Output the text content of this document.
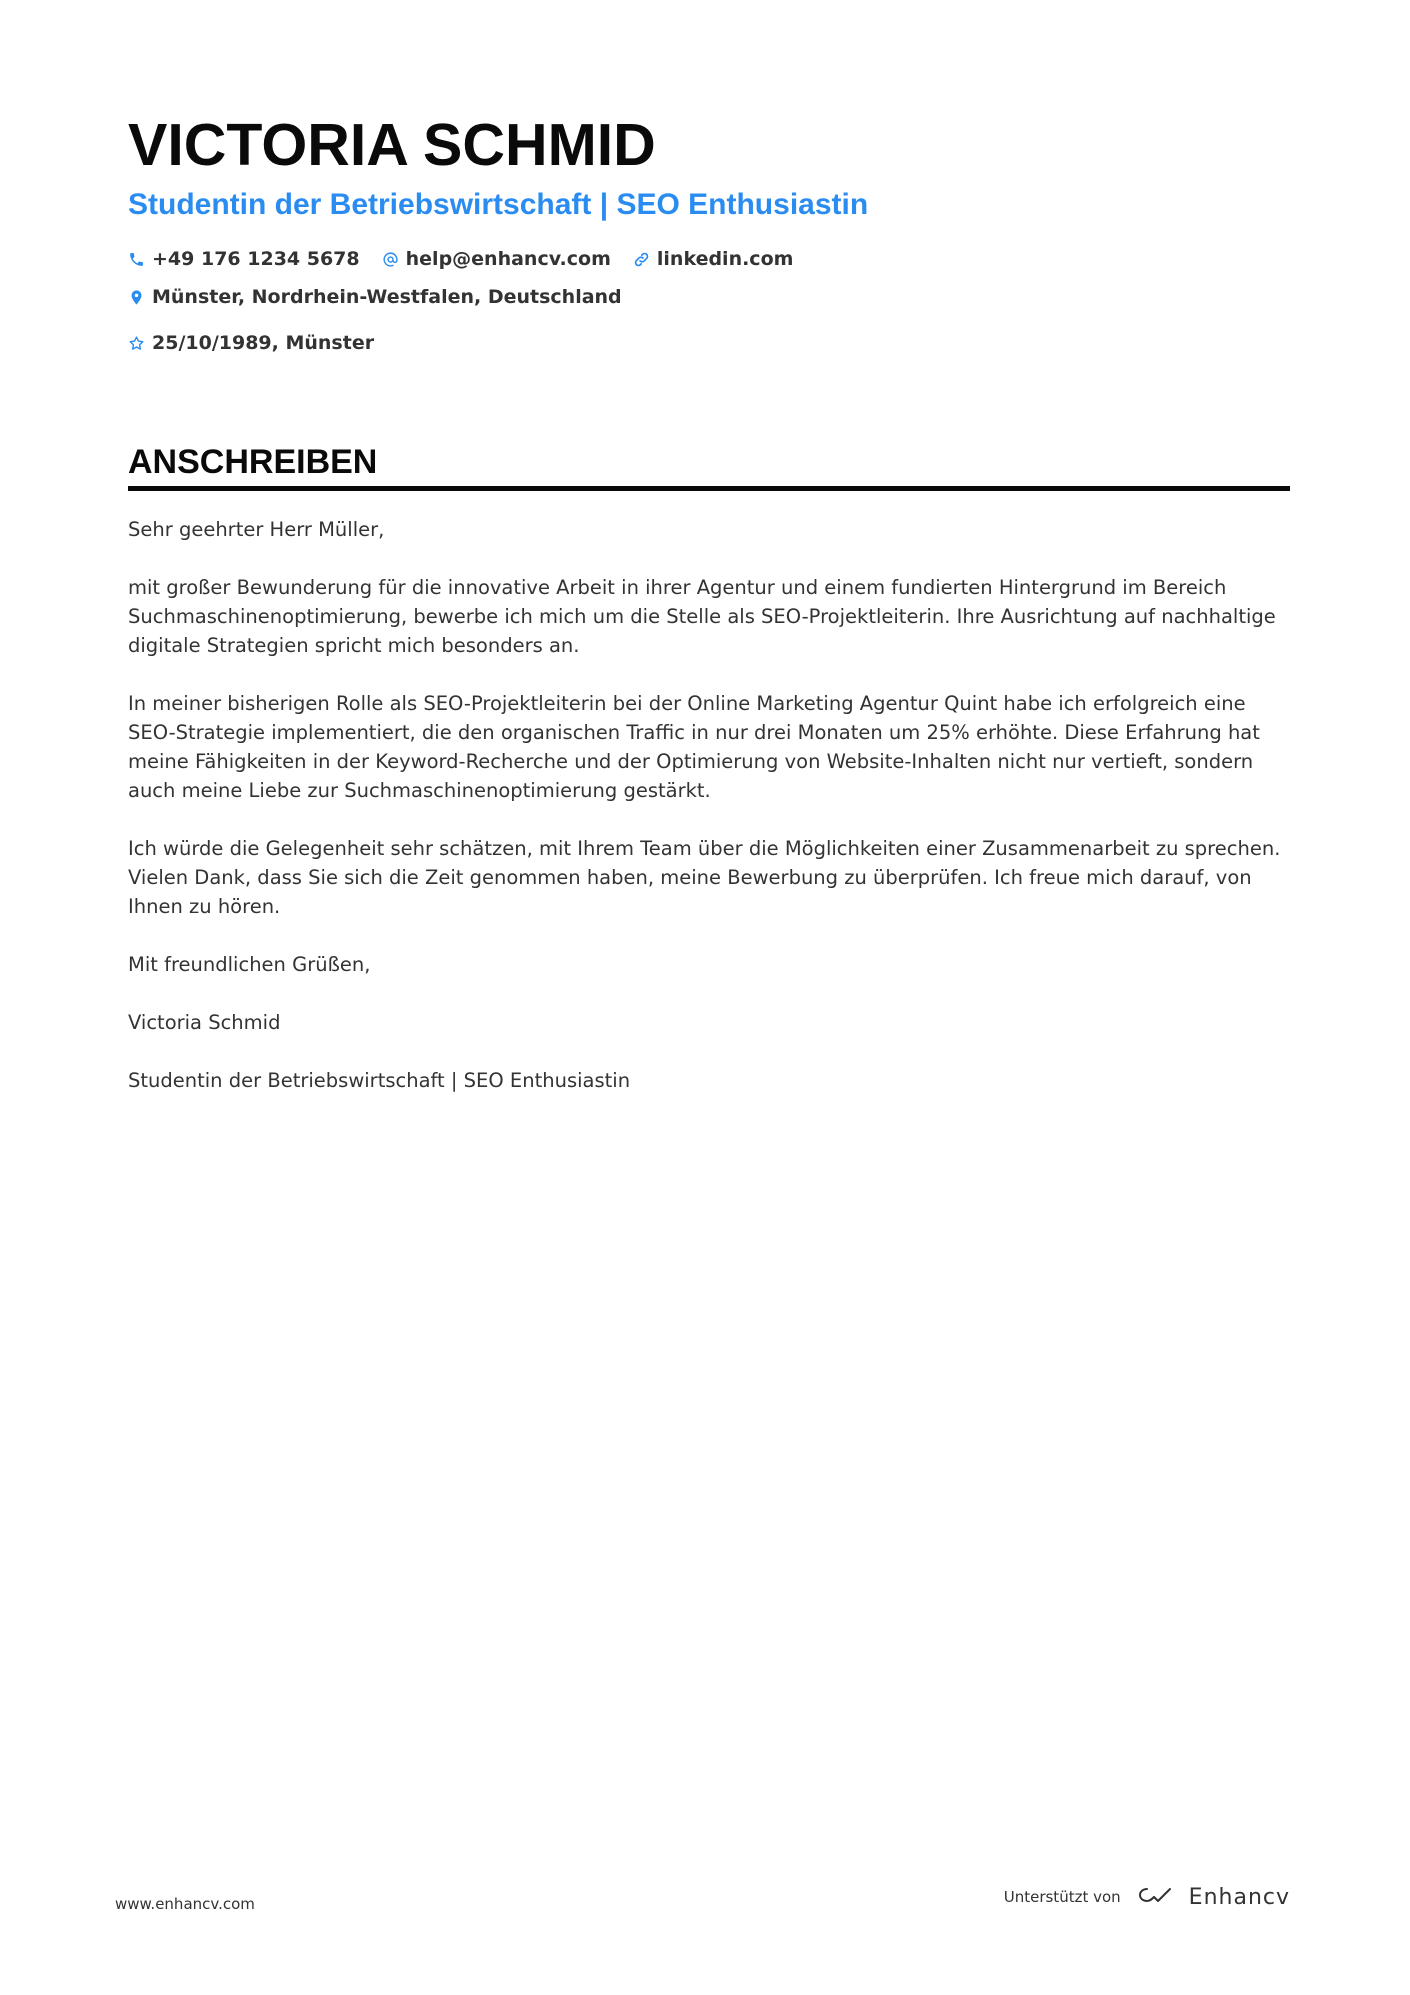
VICTORIA SCHMID
Studentin der Betriebswirtschaft | SEO Enthusiastin
+49 176 1234 5678 help@enhancv.com linkedin.com
Münster, Nordrhein-Westfalen, Deutschland
25/10/1989, Münster
ANSCHREIBEN

Sehr geehrter Herr Müller,

mit großer Bewunderung für die innovative Arbeit in ihrer Agentur und einem fundierten Hintergrund im Bereich Suchmaschinenoptimierung, bewerbe ich mich um die Stelle als SEO-Projektleiterin. Ihre Ausrichtung auf nachhaltige digitale Strategien spricht mich besonders an.

In meiner bisherigen Rolle als SEO-Projektleiterin bei der Online Marketing Agentur Quint habe ich erfolgreich eine SEO-Strategie implementiert, die den organischen Traffic in nur drei Monaten um 25% erhöhte. Diese Erfahrung hat meine Fähigkeiten in der Keyword-Recherche und der Optimierung von Website-Inhalten nicht nur vertieft, sondern auch meine Liebe zur Suchmaschinenoptimierung gestärkt.

Ich würde die Gelegenheit sehr schätzen, mit Ihrem Team über die Möglichkeiten einer Zusammenarbeit zu sprechen. Vielen Dank, dass Sie sich die Zeit genommen haben, meine Bewerbung zu überprüfen. Ich freue mich darauf, von Ihnen zu hören.

Mit freundlichen Grüßen,

Victoria Schmid

Studentin der Betriebswirtschaft | SEO Enthusiastin

www.enhancv.com	Unterstützt von	Enhancv
